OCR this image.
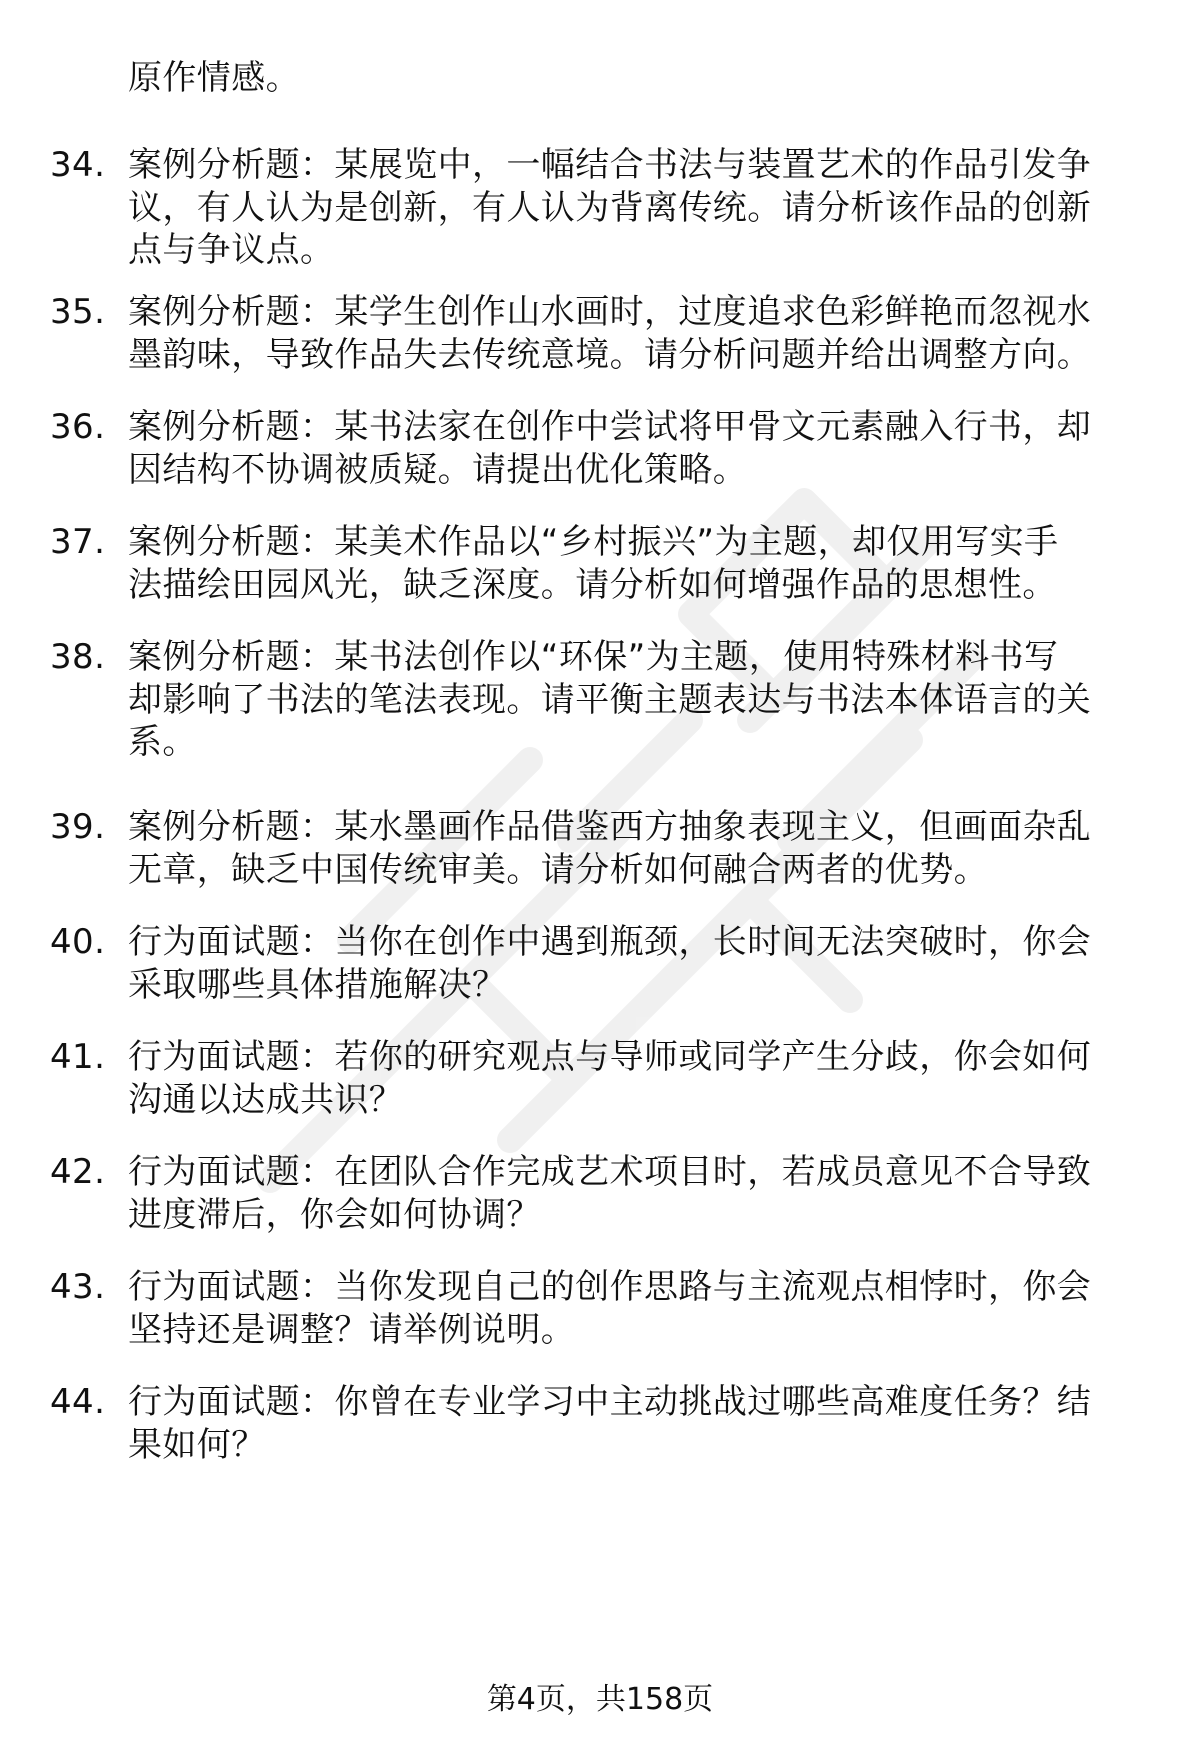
原作情感。
34. 案例分析题：某展览中，一幅结合书法与装置艺术的作品引发争
议，有人认为是创新，有人认为背离传统。请分析该作品的创新
点与争议点。
35. 案例分析题：某学生创作山水画时，过度追求色彩鲜艳而忽视水
墨韵味，导致作品失去传统意境。请分析问题并给出调整方向。
36. 案例分析题：某书法家在创作中尝试将甲骨文元素融入行书，却
因结构不协调被质疑。请提出优化策略。
37. 案例分析题：某美术作品以“乡村振兴”为主题，却仅用写实手
法描绘田园风光，缺乏深度。请分析如何增强作品的思想性。
38. 案例分析题：某书法创作以“环保”为主题，使用特殊材料书写
却影响了书法的笔法表现。请平衡主题表达与书法本体语言的关
系。
39. 案例分析题：某水墨画作品借鉴西方抽象表现主义，但画面杂乱
无章，缺乏中国传统审美。请分析如何融合两者的优势。
40. 行为面试题：当你在创作中遇到瓶颈，长时间无法突破时，你会
采取哪些具体措施解决？
41. 行为面试题：若你的研究观点与导师或同学产生分歧，你会如何
沟通以达成共识？
42. 行为面试题：在团队合作完成艺术项目时，若成员意见不合导致
进度滞后，你会如何协调？
43. 行为面试题：当你发现自己的创作思路与主流观点相悖时，你会
坚持还是调整？请举例说明。
44. 行为面试题：你曾在专业学习中主动挑战过哪些高难度任务？结
果如何？
第4页，共158页
